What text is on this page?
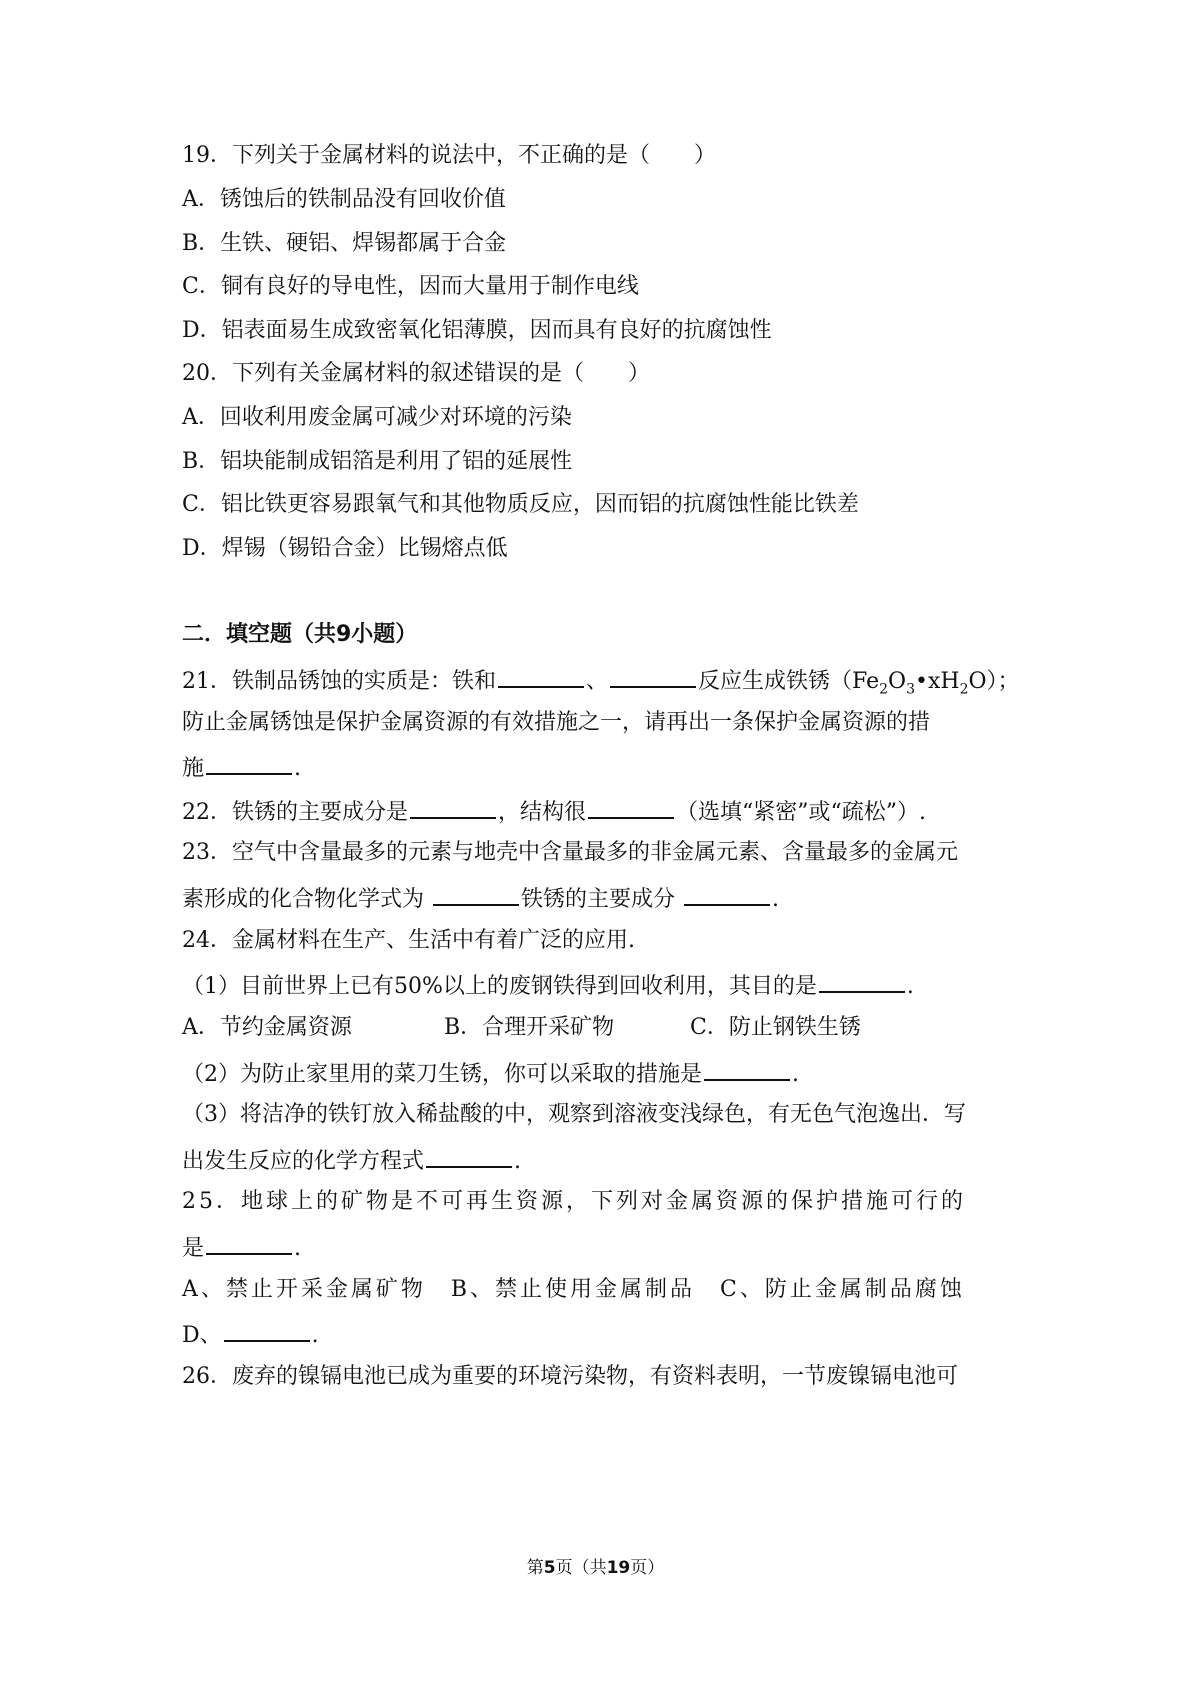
19．下列关于金属材料的说法中，不正确的是（　　）
A．锈蚀后的铁制品没有回收价值
B．生铁、硬铝、焊锡都属于合金
C．铜有良好的导电性，因而大量用于制作电线
D．铝表面易生成致密氧化铝薄膜，因而具有良好的抗腐蚀性
20．下列有关金属材料的叙述错误的是（　　）
A．回收利用废金属可减少对环境的污染
B．铝块能制成铝箔是利用了铝的延展性
C．铝比铁更容易跟氧气和其他物质反应，因而铝的抗腐蚀性能比铁差
D．焊锡（锡铅合金）比锡熔点低
二．填空题（共9小题）
21．铁制品锈蚀的实质是：铁和	、	反应生成铁锈$(Fe_2O_3•xH_2O)$；
防止金属锈蚀是保护金属资源的有效措施之一，请再出一条保护金属资源的措
施	.
22．铁锈的主要成分是	，结构很	（选填“紧密”或“疏松”）.
23．空气中含量最多的元素与地壳中含量最多的非金属元素、含量最多的金属元
素形成的化合物化学式为	铁锈的主要成分	.
24．金属材料在生产、生活中有着广泛的应用.
（1）目前世界上已有50%以上的废钢铁得到回收利用，其目的是	.
A．节约金属资源	B．合理开采矿物	C．防止钢铁生锈
（2）为防止家里用的菜刀生锈，你可以采取的措施是	.
（3）将洁净的铁钉放入稀盐酸的中，观察到溶液变浅绿色，有无色气泡逸出．写
出发生反应的化学方程式	.
25．地球上的矿物是不可再生资源，下列对金属资源的保护措施可行的
是	.
A、禁止开采金属矿物　B、禁止使用金属制品　C、防止金属制品腐蚀
D、	.
26．废弃的镍镉电池已成为重要的环境污染物，有资料表明，一节废镍镉电池可
第5页（共19页）
